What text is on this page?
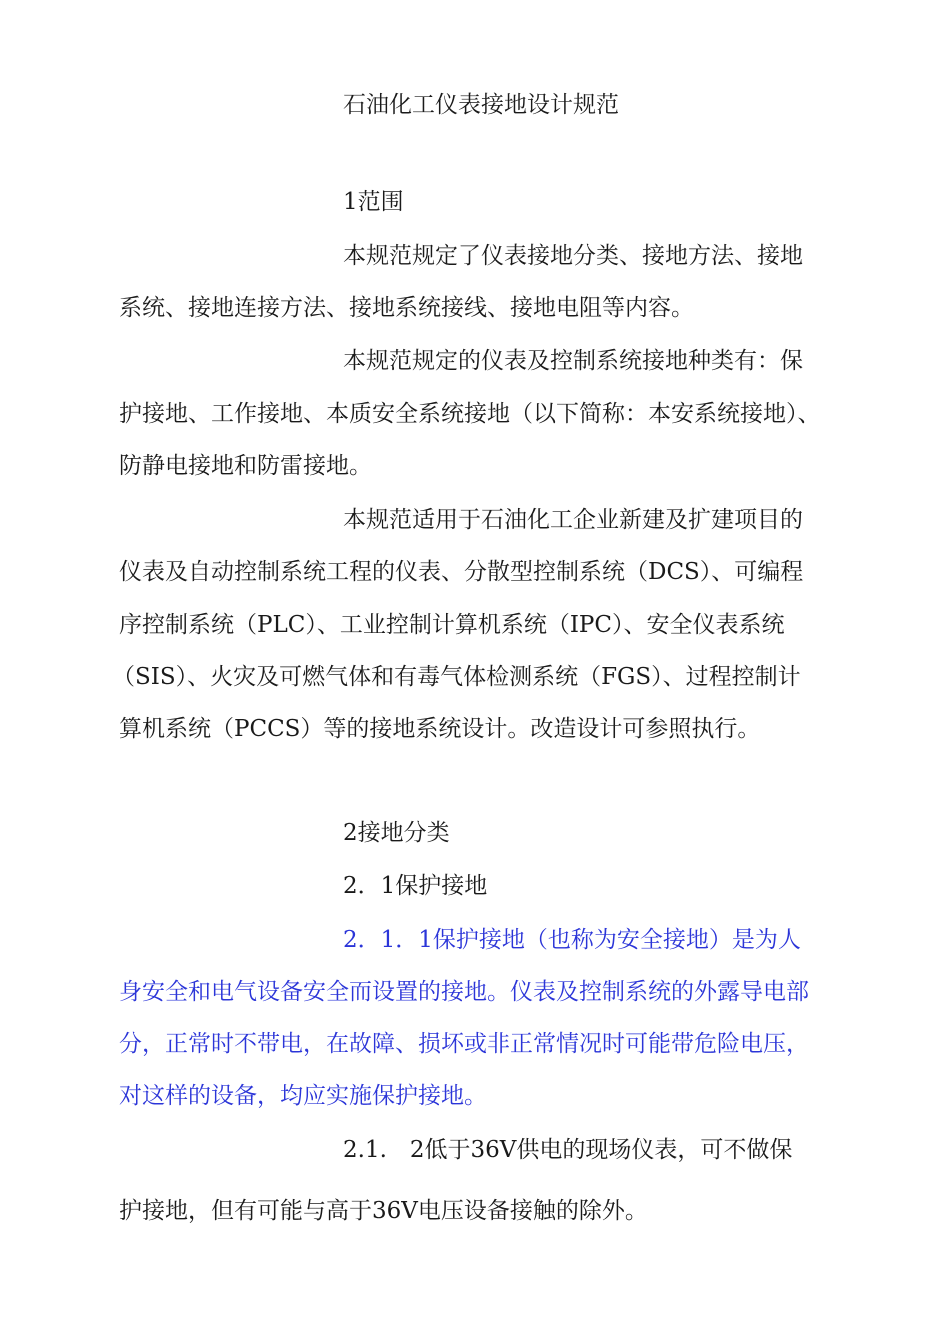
石油化工仪表接地设计规范
1范围
本规范规定了仪表接地分类、接地方法、接地
系统、接地连接方法、接地系统接线、接地电阻等内容。
本规范规定的仪表及控制系统接地种类有：保
护接地、工作接地、本质安全系统接地（以下简称：本安系统接地）、
防静电接地和防雷接地。
本规范适用于石油化工企业新建及扩建项目的
仪表及自动控制系统工程的仪表、分散型控制系统（DCS）、可编程
序控制系统（PLC）、工业控制计算机系统（IPC）、安全仪表系统
（SIS）、火灾及可燃气体和有毒气体检测系统（FGS）、过程控制计
算机系统（PCCS）等的接地系统设计。改造设计可参照执行。
2接地分类
2．1保护接地
2．1．1保护接地（也称为安全接地）是为人
身安全和电气设备安全而设置的接地。仪表及控制系统的外露导电部
分，正常时不带电，在故障、损坏或非正常情况时可能带危险电压，
对这样的设备，均应实施保护接地。
2.1.　2低于36V供电的现场仪表，可不做保
护接地，但有可能与高于36V电压设备接触的除外。
